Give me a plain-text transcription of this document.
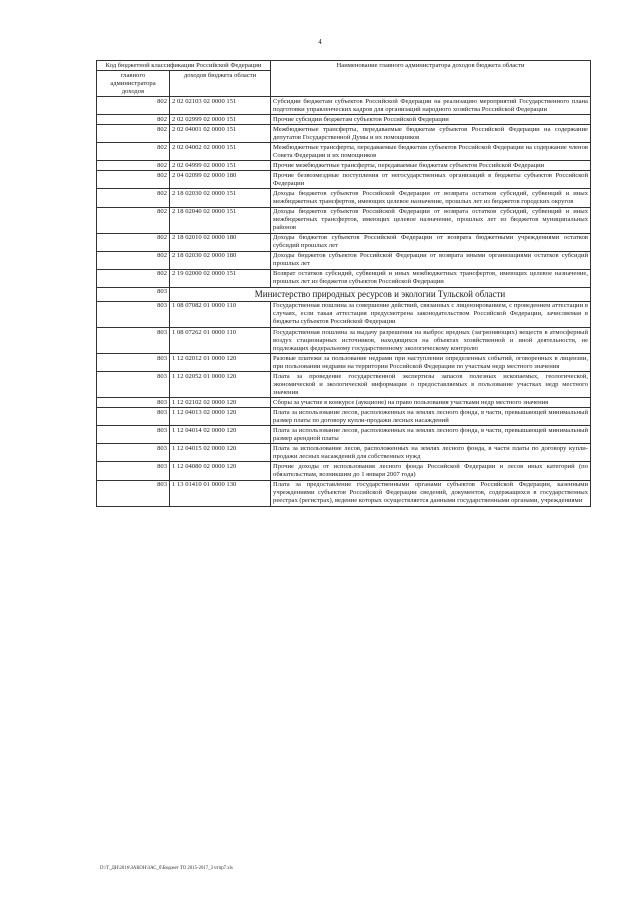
4
Код бюджетной классификации Российской Федерации		Наименование главного администратора доходов бюджета области
главного администратора доходов	доходов бюджета области	
802	2 02 02103 02 0000 151	Субсидии бюджетам субъектов Российской Федерации на реализацию мероприятий Государственного плана подготовки управленческих кадров для организаций народного хозяйства Российской Федерации
802	2 02 02999 02 0000 151	Прочие субсидии бюджетам субъектов Российской Федерации
802	2 02 04001 02 0000 151	Межбюджетные трансферты, передаваемые бюджетам субъектов Российской Федерации на содержание депутатов Государственной Думы и их помощников
802	2 02 04002 02 0000 151	Межбюджетные трансферты, передаваемые бюджетам субъектов Российской Федерации на содержание членов Совета Федерации и их помощников
802	2 02 04999 02 0000 151	Прочие межбюджетные трансферты, передаваемые бюджетам субъектов Российской Федерации
802	2 04 02099 02 0000 180	Прочие безвозмездные поступления от негосударственных организаций в бюджеты субъектов Российской Федерации
802	2 18 02030 02 0000 151	Доходы бюджетов субъектов Российской Федерации от возврата остатков субсидий, субвенций и иных межбюджетных трансфертов, имеющих целевое назначение, прошлых лет из бюджетов городских округов
802	2 18 02040 02 0000 151	Доходы бюджетов субъектов Российской Федерации от возврата остатков субсидий, субвенций и иных межбюджетных трансфертов, имеющих целевое назначение, прошлых лет из бюджетов муниципальных районов
802	2 18 02010 02 0000 180	Доходы бюджетов субъектов Российской Федерации от возврата бюджетными учреждениями остатков субсидий прошлых лет
802	2 18 02030 02 0000 180	Доходы бюджетов субъектов Российской Федерации от возврата иными организациями остатков субсидий прошлых лет
802	2 19 02000 02 0000 151	Возврат остатков субсидий, субвенций и иных межбюджетных трансфертов, имеющих целевое назначение, прошлых лет из бюджетов субъектов Российской Федерации
803	Министерство природных ресурсов и экологии Тульской области	
803	1 08 07082 01 0000 110	Государственная пошлина за совершение действий, связанных с лицензированием, с проведением аттестации в случаях, если такая аттестация предусмотрена законодательством Российской Федерации, зачисляемая в бюджеты субъектов Российской Федерации
803	1 08 07262 01 0000 110	Государственная пошлина за выдачу разрешения на выброс вредных (загрязняющих) веществ в атмосферный воздух стационарных источников, находящихся на объектах хозяйственной и иной деятельности, не подлежащих федеральному государственному экологическому контролю
803	1 12 02012 01 0000 120	Разовые платежи за пользование недрами при наступлении определенных событий, оговоренных в лицензии, при пользовании недрами на территории Российской Федерации по участкам недр местного значения
803	1 12 02052 01 0000 120	Плата за проведение государственной экспертизы запасов полезных ископаемых, геологической, экономической и экологической информации о предоставляемых в пользование участках недр местного значения
803	1 12 02102 02 0000 120	Сборы за участие в конкурсе (аукционе) на право пользования участками недр местного значения
803	1 12 04013 02 0000 120	Плата за использование лесов, расположенных на землях лесного фонда, в части, превышающей минимальный размер платы по договору купли-продажи лесных насаждений
803	1 12 04014 02 0000 120	Плата за использование лесов, расположенных на землях лесного фонда, в части, превышающей минимальный размер арендной платы
803	1 12 04015 02 0000 120	Плата за использование лесов, расположенных на землях лесного фонда, в части платы по договору купли-продажи лесных насаждений для собственных нужд
803	1 12 04080 02 0000 120	Прочие доходы от использования лесного фонда Российской Федерации и лесов иных категорий (по обязательствам, возникшим до 1 января 2007 года)
803	1 13 01410 01 0000 130	Плата за предоставление государственными органами субъектов Российской Федерации, казенными учреждениями субъектов Российской Федерации сведений, документов, содержащихся в государственных реестрах (регистрах), ведение которых осуществляется данными государственными органами, учреждениями
D:\Т_ДН\2016\ЗАКОН\ЗАС_б\Бюджет ТО 2015-2017_3 чтпр7.xls
